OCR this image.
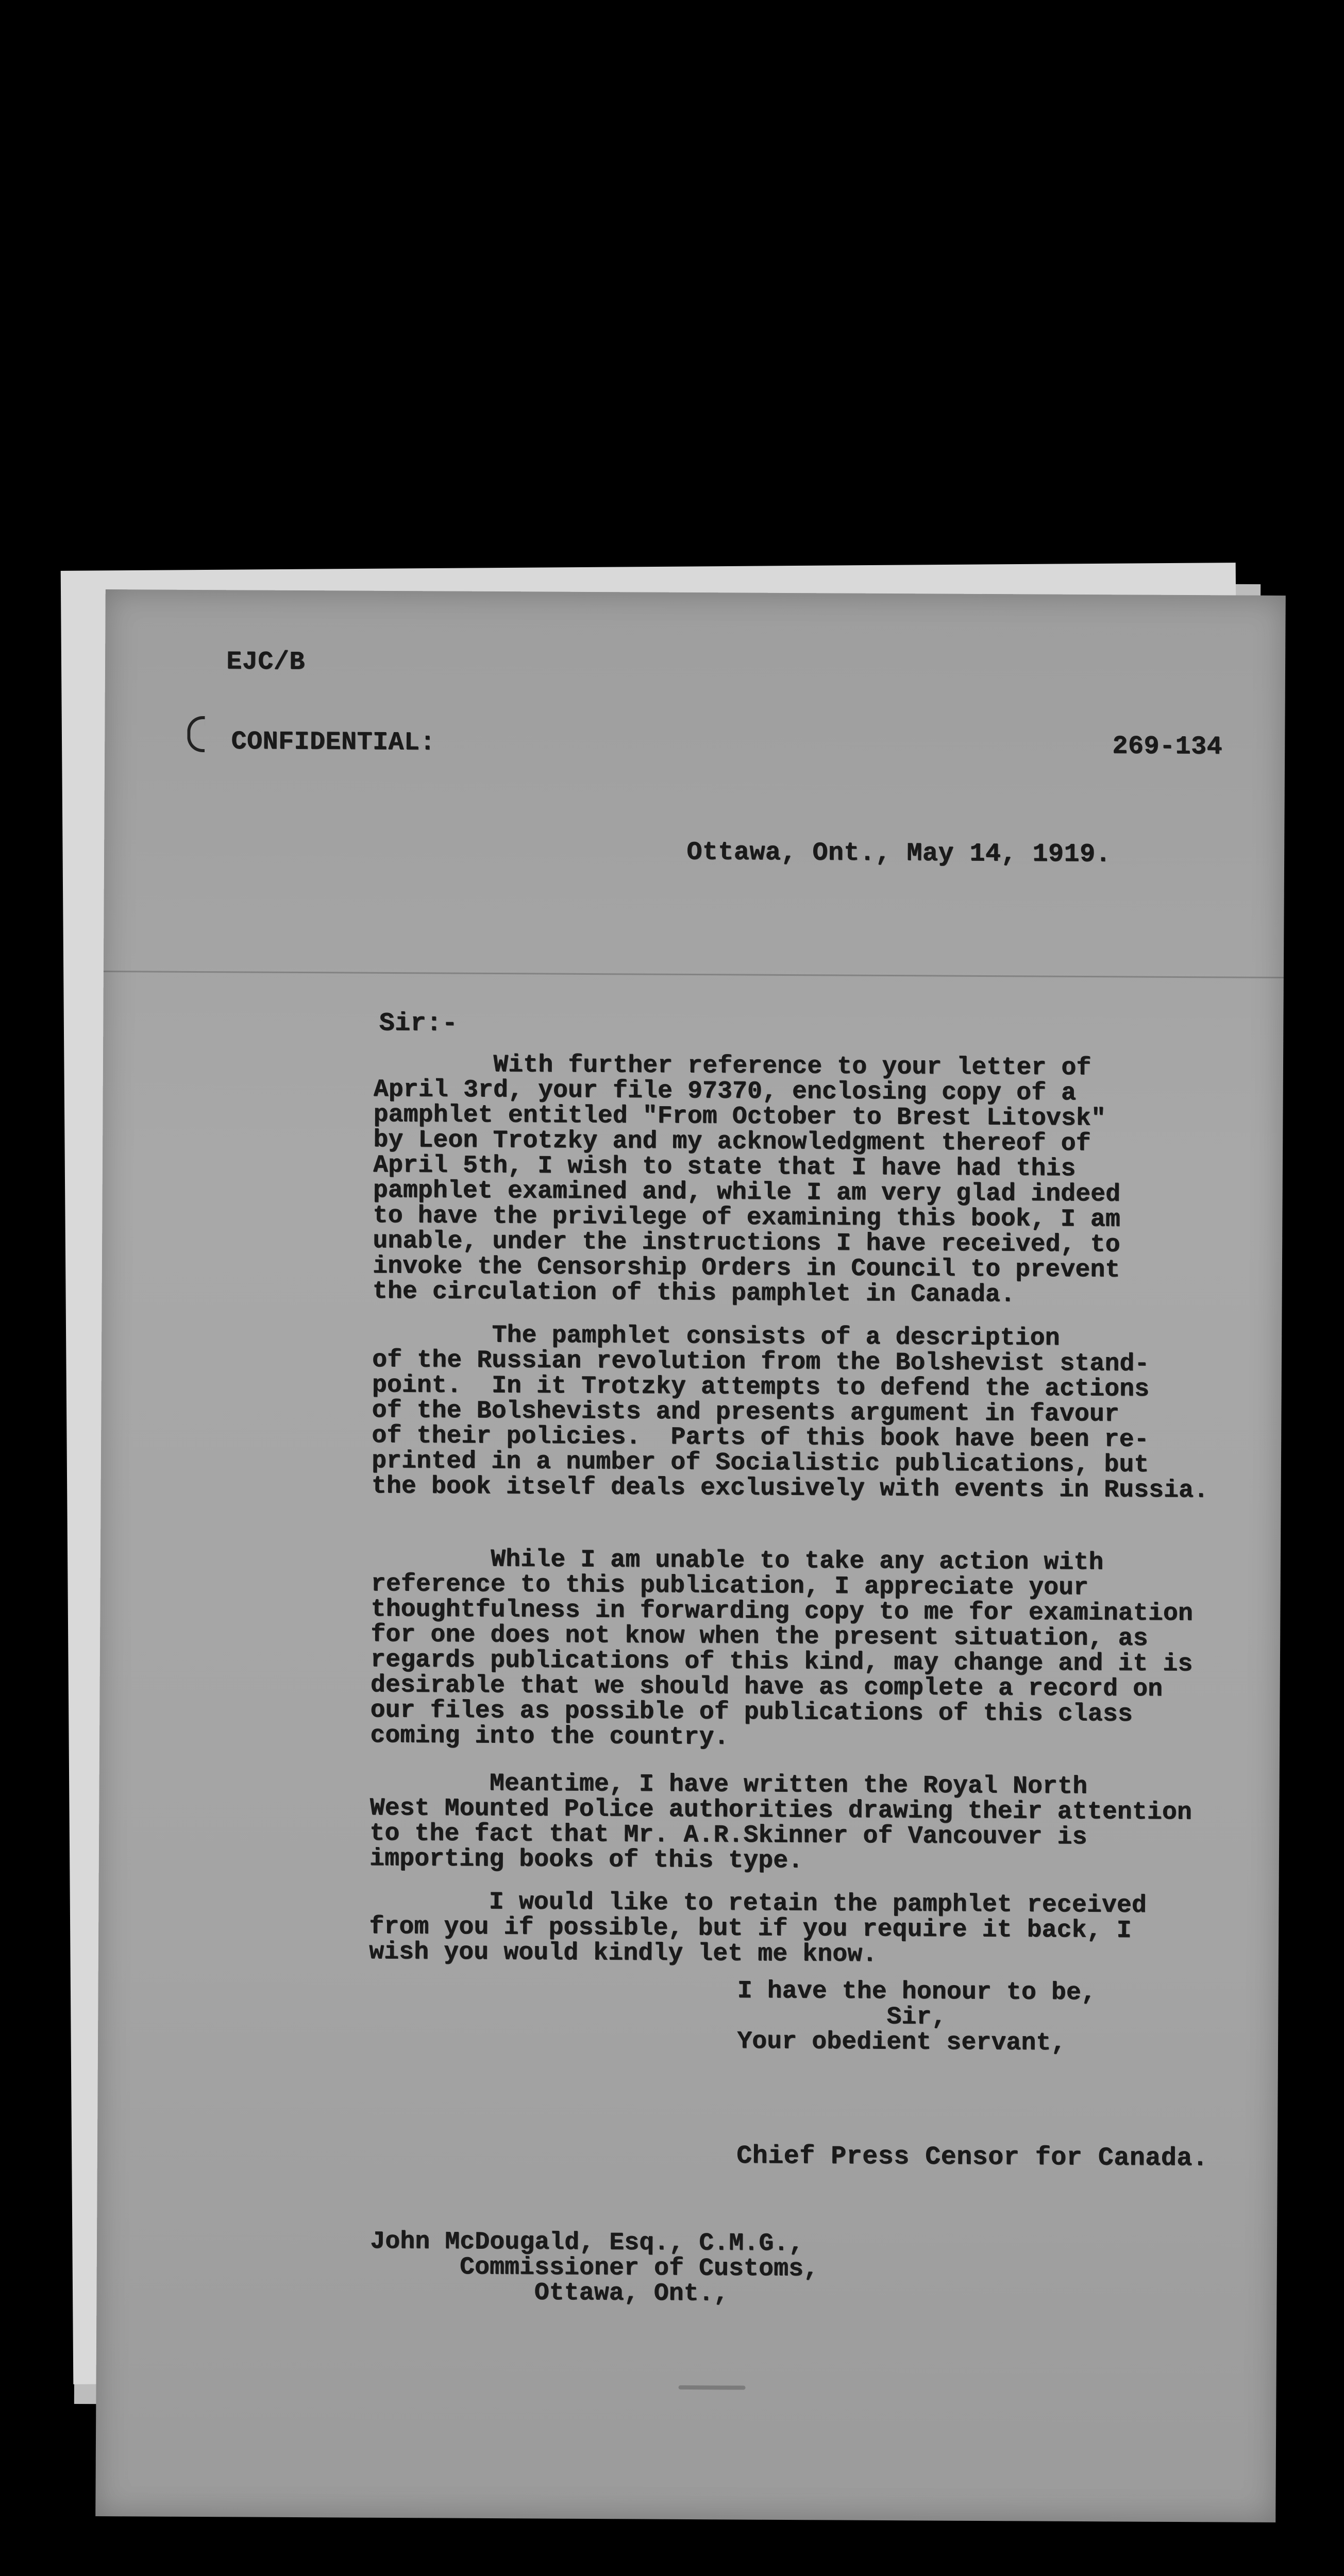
EJC/B
CONFIDENTIAL:	269-134
Ottawa, Ont., May 14, 1919.
Sir:-
With further reference to your letter of
April 3rd, your file 97370, enclosing copy of a
pamphlet entitled "From October to Brest Litovsk"
by Leon Trotzky and my acknowledgment thereof of
April 5th, I wish to state that I have had this
pamphlet examined and, while I am very glad indeed
to have the privilege of examining this book, I am
unable, under the instructions I have received, to
invoke the Censorship Orders in Council to prevent
the circulation of this pamphlet in Canada.
The pamphlet consists of a description
of the Russian revolution from the Bolshevist stand-
point.  In it Trotzky attempts to defend the actions
of the Bolshevists and presents argument in favour
of their policies.  Parts of this book have been re-
printed in a number of Socialistic publications, but
the book itself deals exclusively with events in Russia.
While I am unable to take any action with
reference to this publication, I appreciate your
thoughtfulness in forwarding copy to me for examination
for one does not know when the present situation, as
regards publications of this kind, may change and it is
desirable that we should have as complete a record on
our files as possible of publications of this class
coming into the country.
Meantime, I have written the Royal North
West Mounted Police authorities drawing their attention
to the fact that Mr. A.R.Skinner of Vancouver is
importing books of this type.
I would like to retain the pamphlet received
from you if possible, but if you require it back, I
wish you would kindly let me know.
I have the honour to be,
Sir,
Your obedient servant,
Chief Press Censor for Canada.
John McDougald, Esq., C.M.G.,
Commissioner of Customs,
Ottawa, Ont.,
